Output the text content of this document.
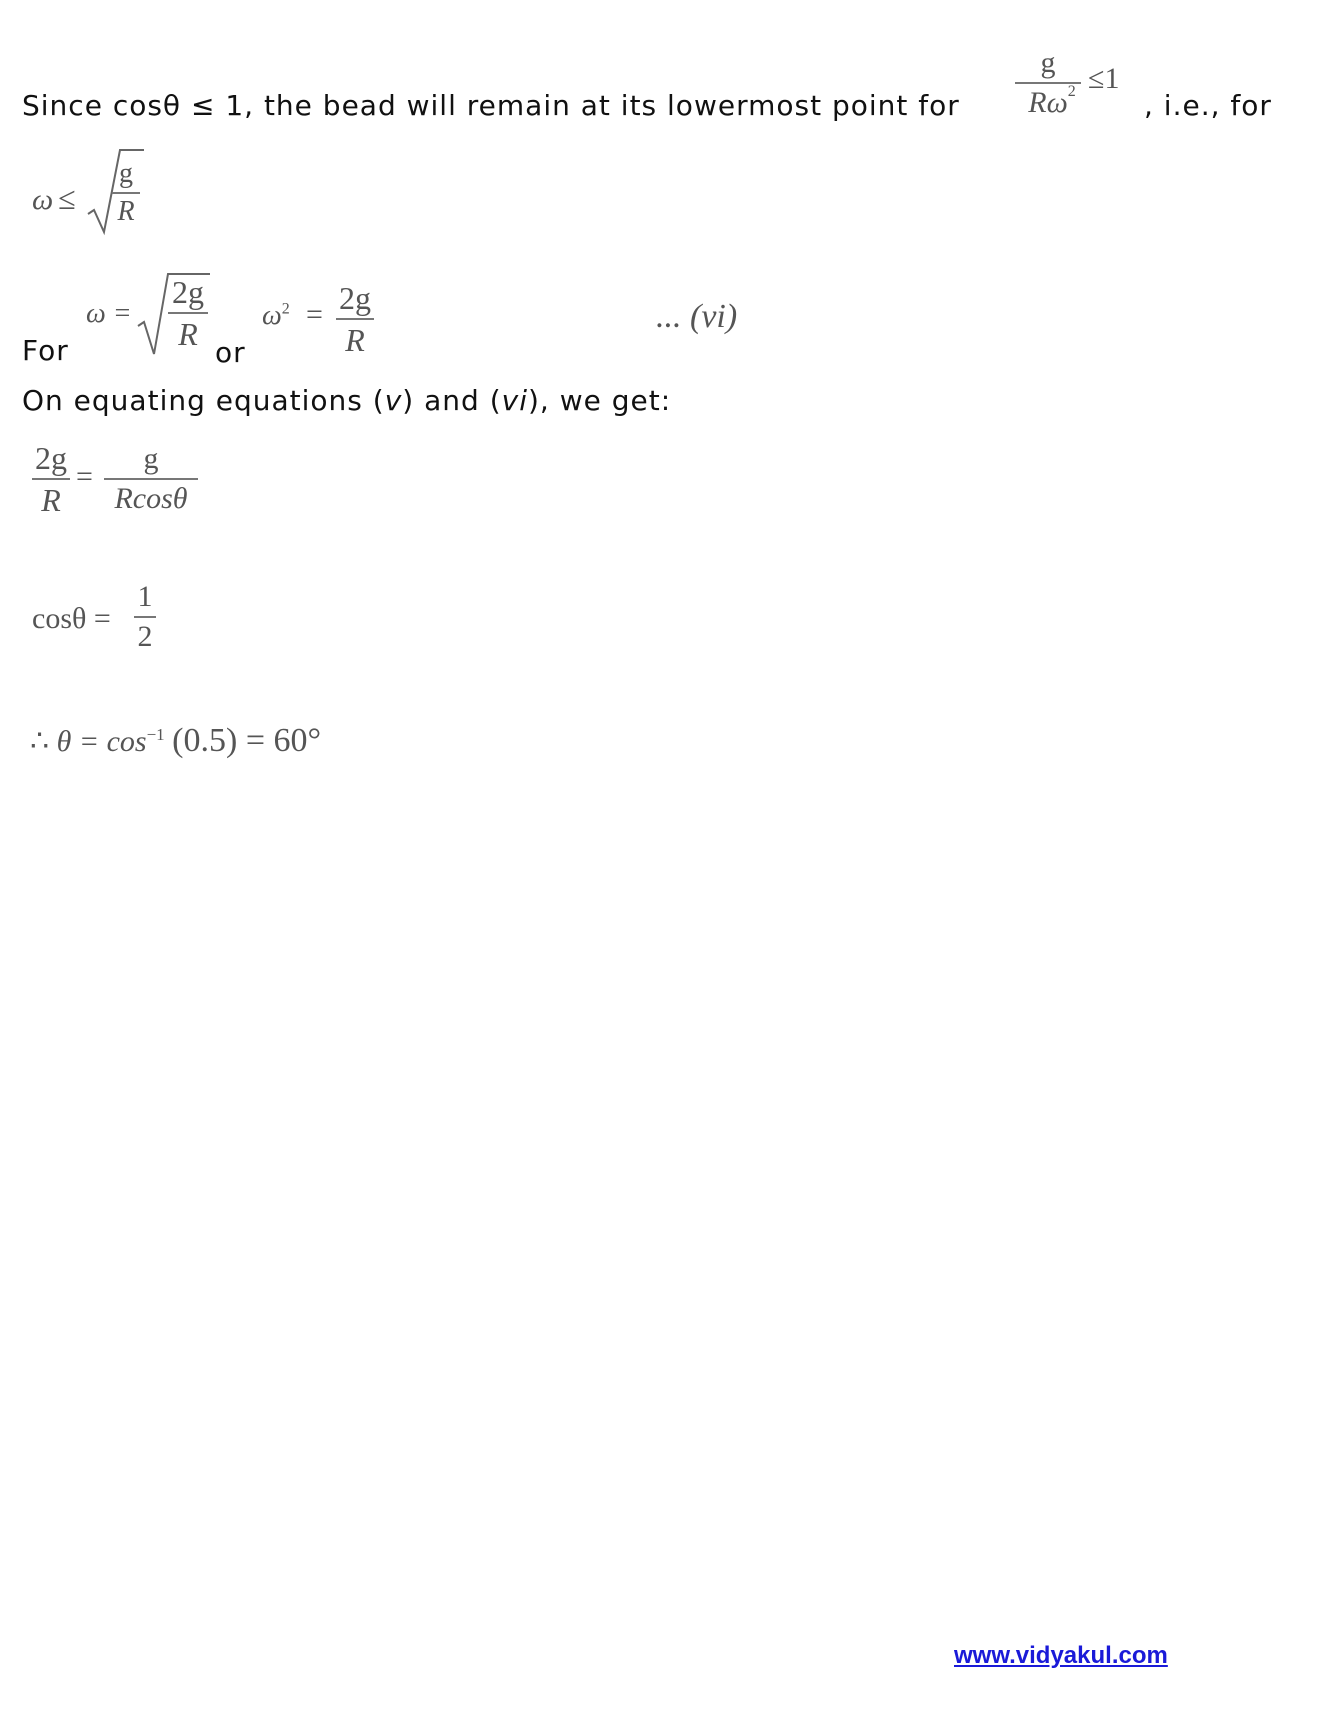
Since cosθ ≤ 1, the bead will remain at its lowermost point for
g
Rω 2 ≤1
, i.e., for
ω ≤
g
R
For
ω =
2g
R
or
$\omega^2 = 2g$
R
... (vi)
On equating equations (v) and (vi), we get:
2g
R
=
g
Rcosθ
cosθ =
1
2
∴ $\theta = \cos^{-1} (0.5) = 60^\circ$
www.vidyakul.com
